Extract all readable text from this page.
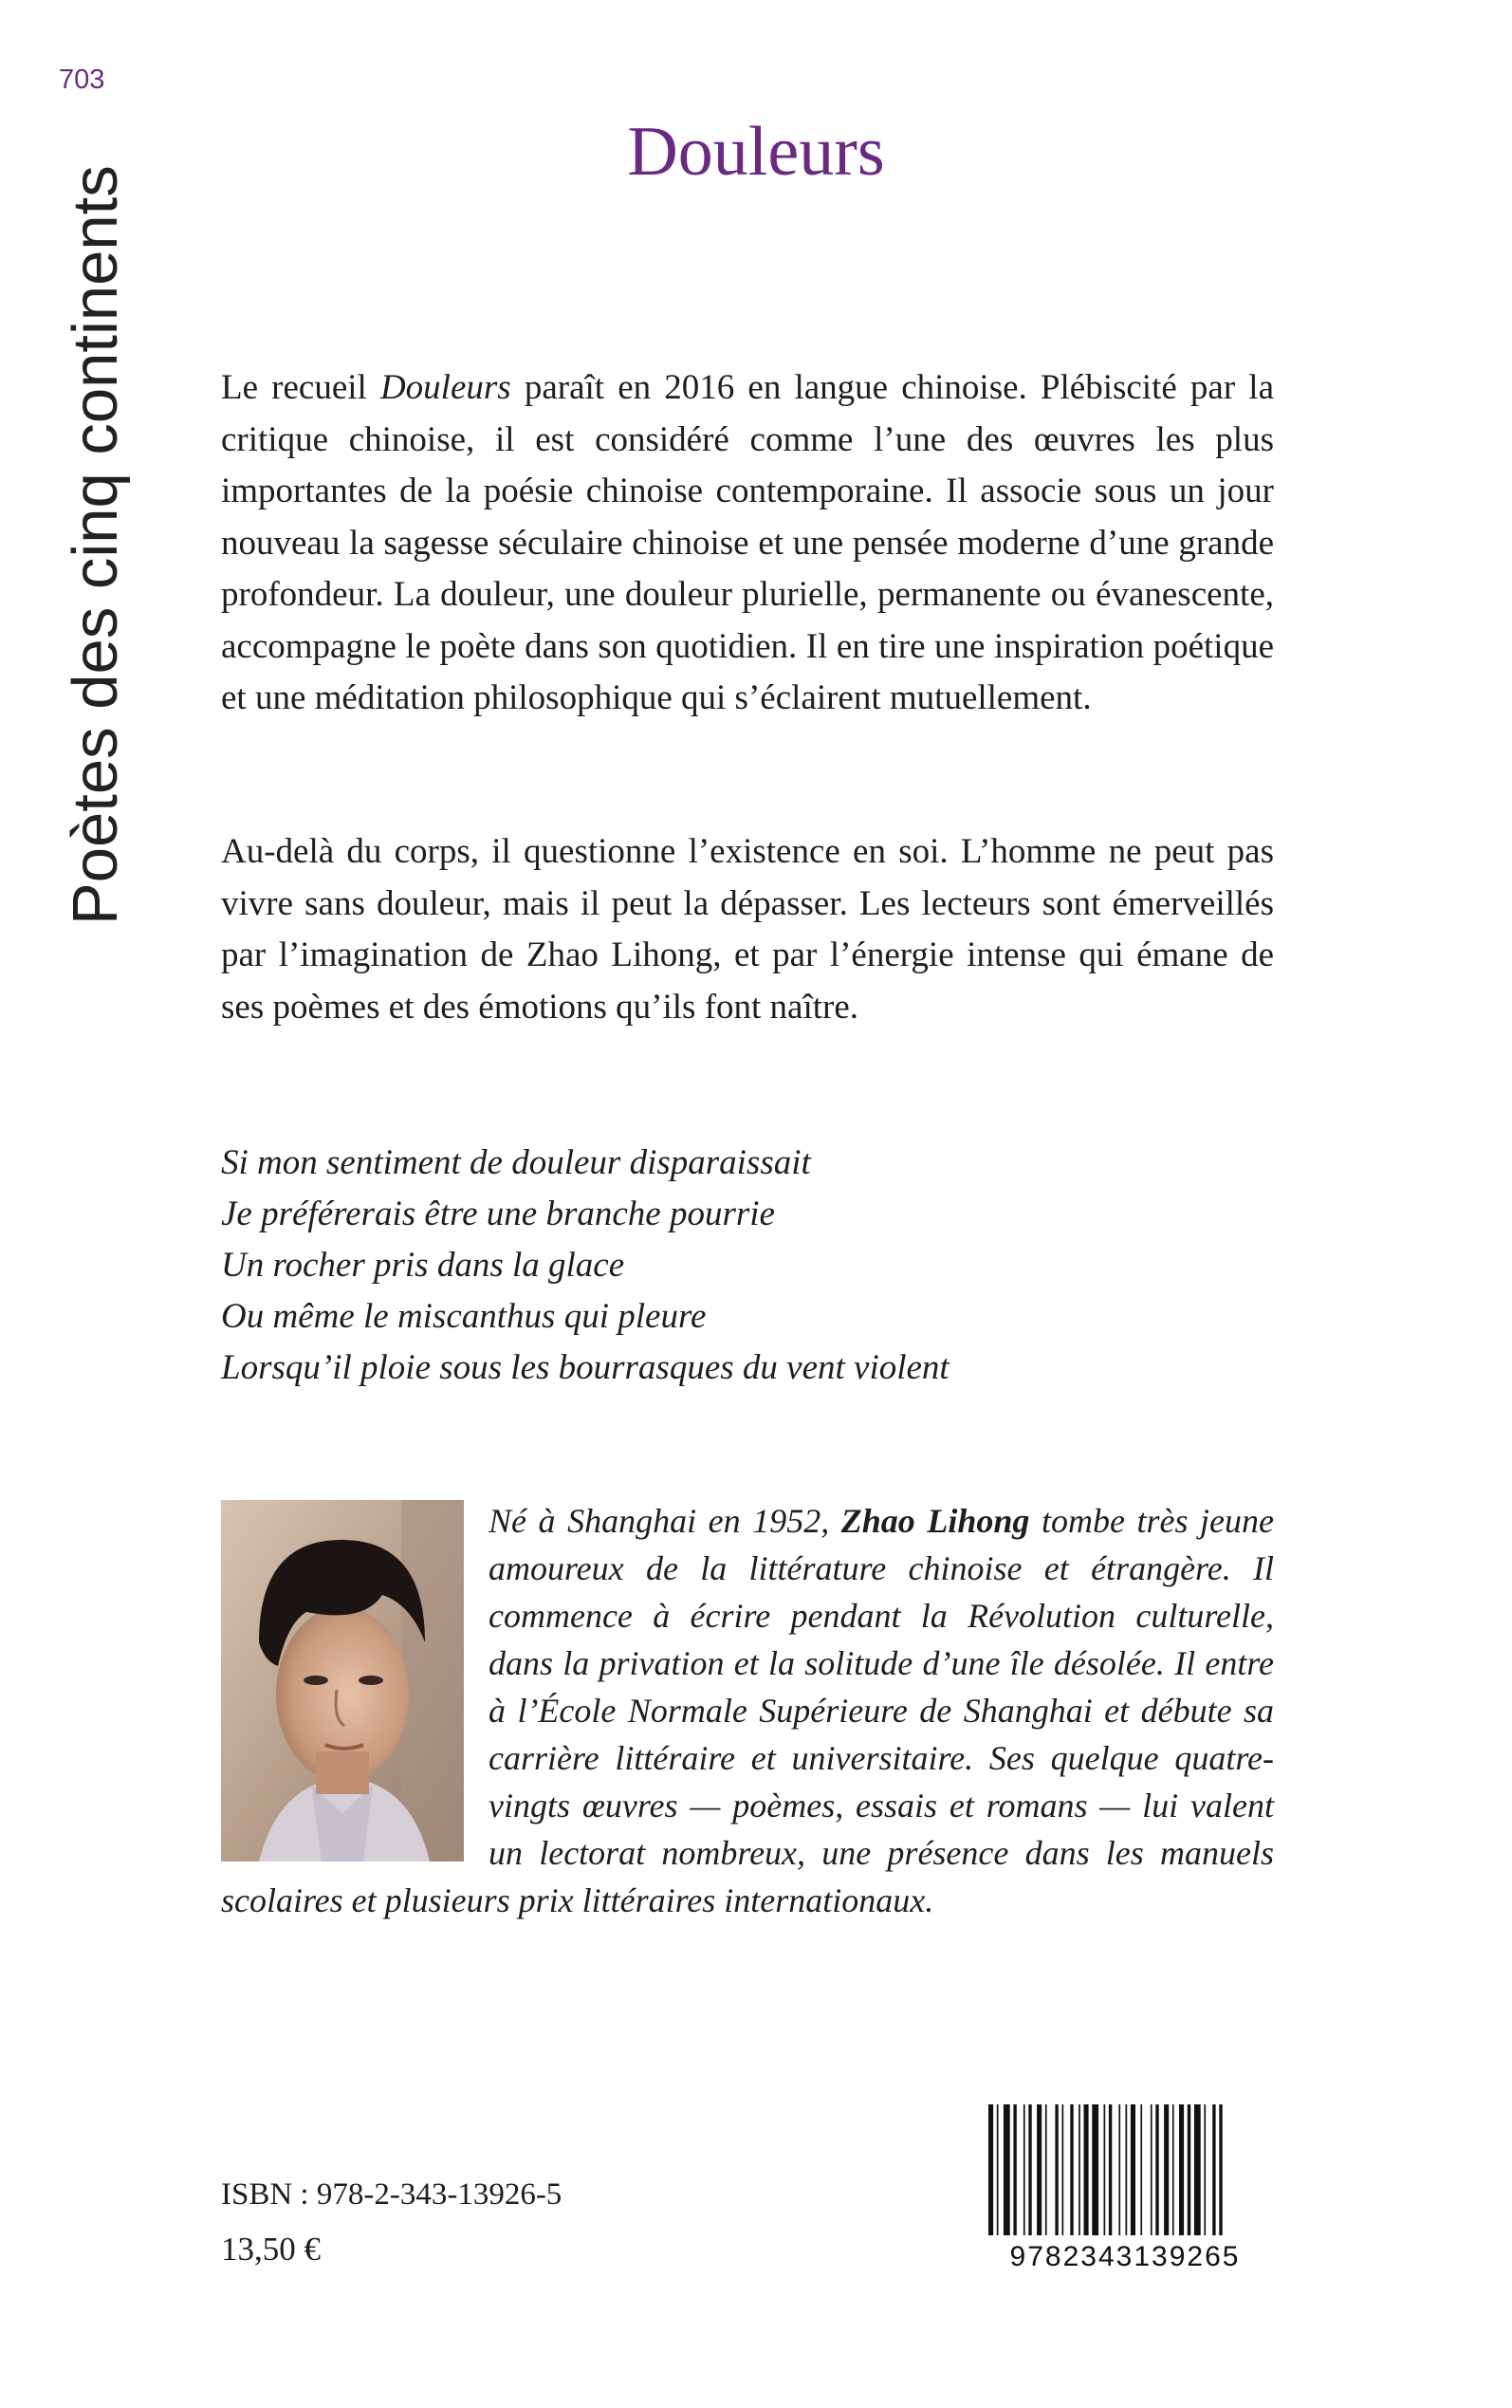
703
Poètes des cinq continents
Douleurs

Le recueil Douleurs paraît en 2016 en langue chinoise. Plébiscité par la critique chinoise, il est considéré comme l’une des œuvres les plus importantes de la poésie chinoise contemporaine. Il associe sous un jour nouveau la sagesse séculaire chinoise et une pensée moderne d’une grande profondeur. La douleur, une douleur plurielle, permanente ou évanescente, accompagne le poète dans son quotidien. Il en tire une inspiration poétique et une méditation philosophique qui s’éclairent mutuellement.

Au-delà du corps, il questionne l’existence en soi. L’homme ne peut pas vivre sans douleur, mais il peut la dépasser. Les lecteurs sont émerveillés par l’imagination de Zhao Lihong, et par l’énergie intense qui émane de ses poèmes et des émotions qu’ils font naître.

Si mon sentiment de douleur disparaissait
Je préférerais être une branche pourrie
Un rocher pris dans la glace
Ou même le miscanthus qui pleure
Lorsqu’il ploie sous les bourrasques du vent violent
Né à Shanghai en 1952, Zhao Lihong tombe très jeune amoureux de la littérature chinoise et étrangère. Il commence à écrire pendant la Révolution culturelle, dans la privation et la solitude d’une île désolée. Il entre à l’École Normale Supérieure de Shanghai et débute sa carrière littéraire et universitaire. Ses quelque quatre-vingts œuvres — poèmes, essais et romans — lui valent un lectorat nombreux, une présence dans les manuels scolaires et plusieurs prix littéraires internationaux.
ISBN : 978-2-343-13926-5
13,50 €	9782343139265
